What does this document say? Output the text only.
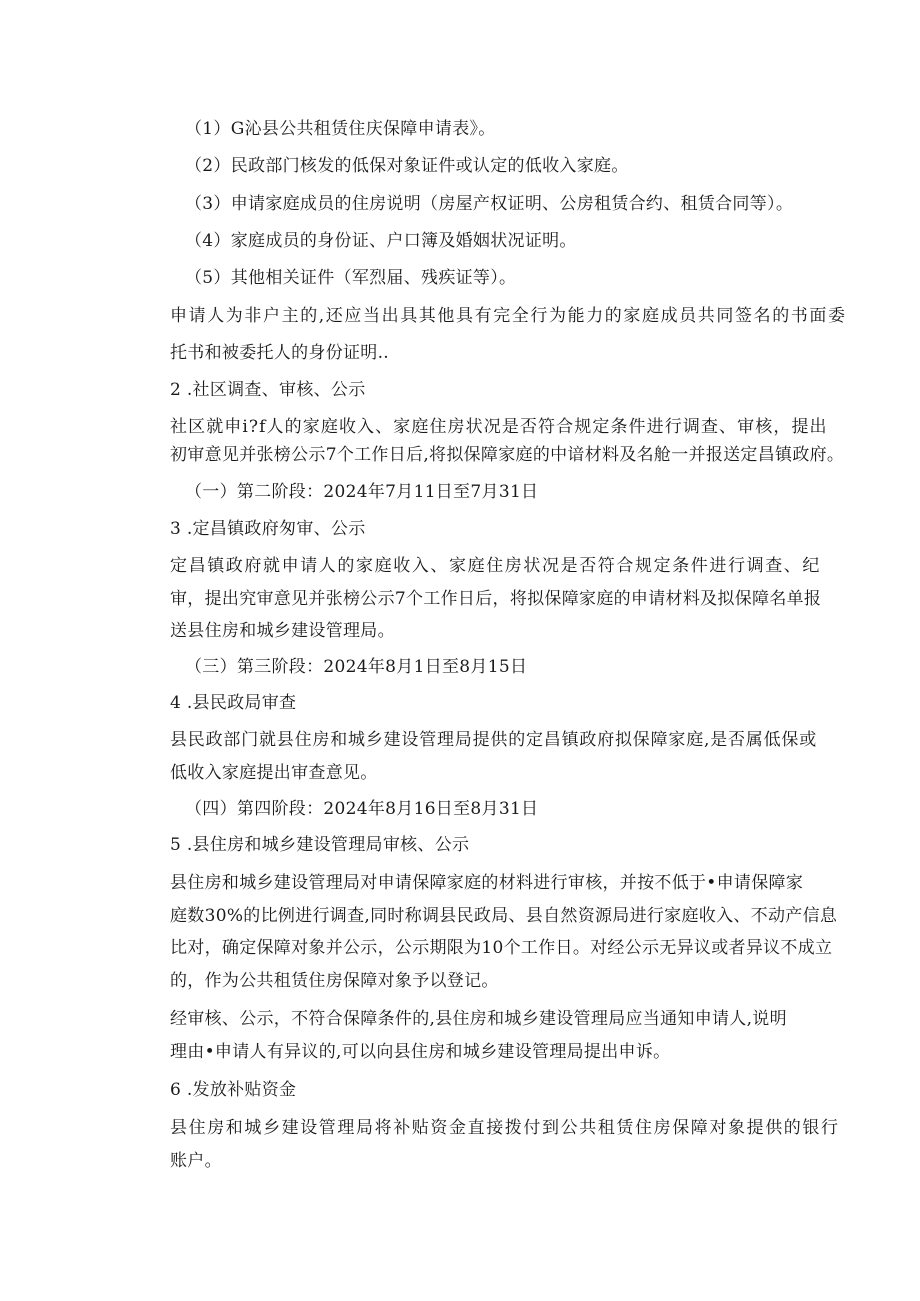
（1）G沁县公共租赁住庆保障申请表》。
（2）民政部门核发的低保对象证件或认定的低收入家庭。
（3）申请家庭成员的住房说明（房屋产权证明、公房租赁合约、租赁合同等）。
（4）家庭成员的身份证、户口簿及婚姻状况证明。
（5）其他相关证件（军烈届、残疾证等）。
申请人为非户主的,还应当出具其他具有完全行为能力的家庭成员共同签名的书面委
托书和被委托人的身份证明..
2 .社区调查、审核、公示
社区就申i?f人的家庭收入、家庭住房状况是否符合规定条件进行调查、审核，提出
初审意见并张榜公示7个工作日后,将拟保障家庭的中谙材料及名舱一并报送定昌镇政府。
（一）第二阶段：2024年7月11日至7月31日
3 .定昌镇政府匆审、公示
定昌镇政府就申请人的家庭收入、家庭住房状况是否符合规定条件进行调查、纪
审，提出究审意见并张榜公示7个工作日后，将拟保障家庭的申请材料及拟保障名单报
送县住房和城乡建设管理局。
（三）第三阶段：2024年8月1日至8月15日
4 .县民政局审查
县民政部门就县住房和城乡建设管理局提供的定昌镇政府拟保障家庭,是否属低保或
低收入家庭提出审查意见。
（四）第四阶段：2024年8月16日至8月31日
5 .县住房和城乡建设管理局审核、公示
县住房和城乡建设管理局对申请保障家庭的材料进行审核，并按不低于•申请保障家
庭数30%的比例进行调查,同时称调县民政局、县自然资源局进行家庭收入、不动产信息
比对，确定保障对象并公示，公示期限为10个工作日。对经公示无异议或者异议不成立
的，作为公共租赁住房保障对象予以登记。
经审核、公示，不符合保障条件的,县住房和城乡建设管理局应当通知申请人,说明
理由•申请人有异议的,可以向县住房和城乡建设管理局提出申诉。
6 .发放补贴资金
县住房和城乡建设管理局将补贴资金直接拨付到公共租赁住房保障对象提供的银行
账户。
